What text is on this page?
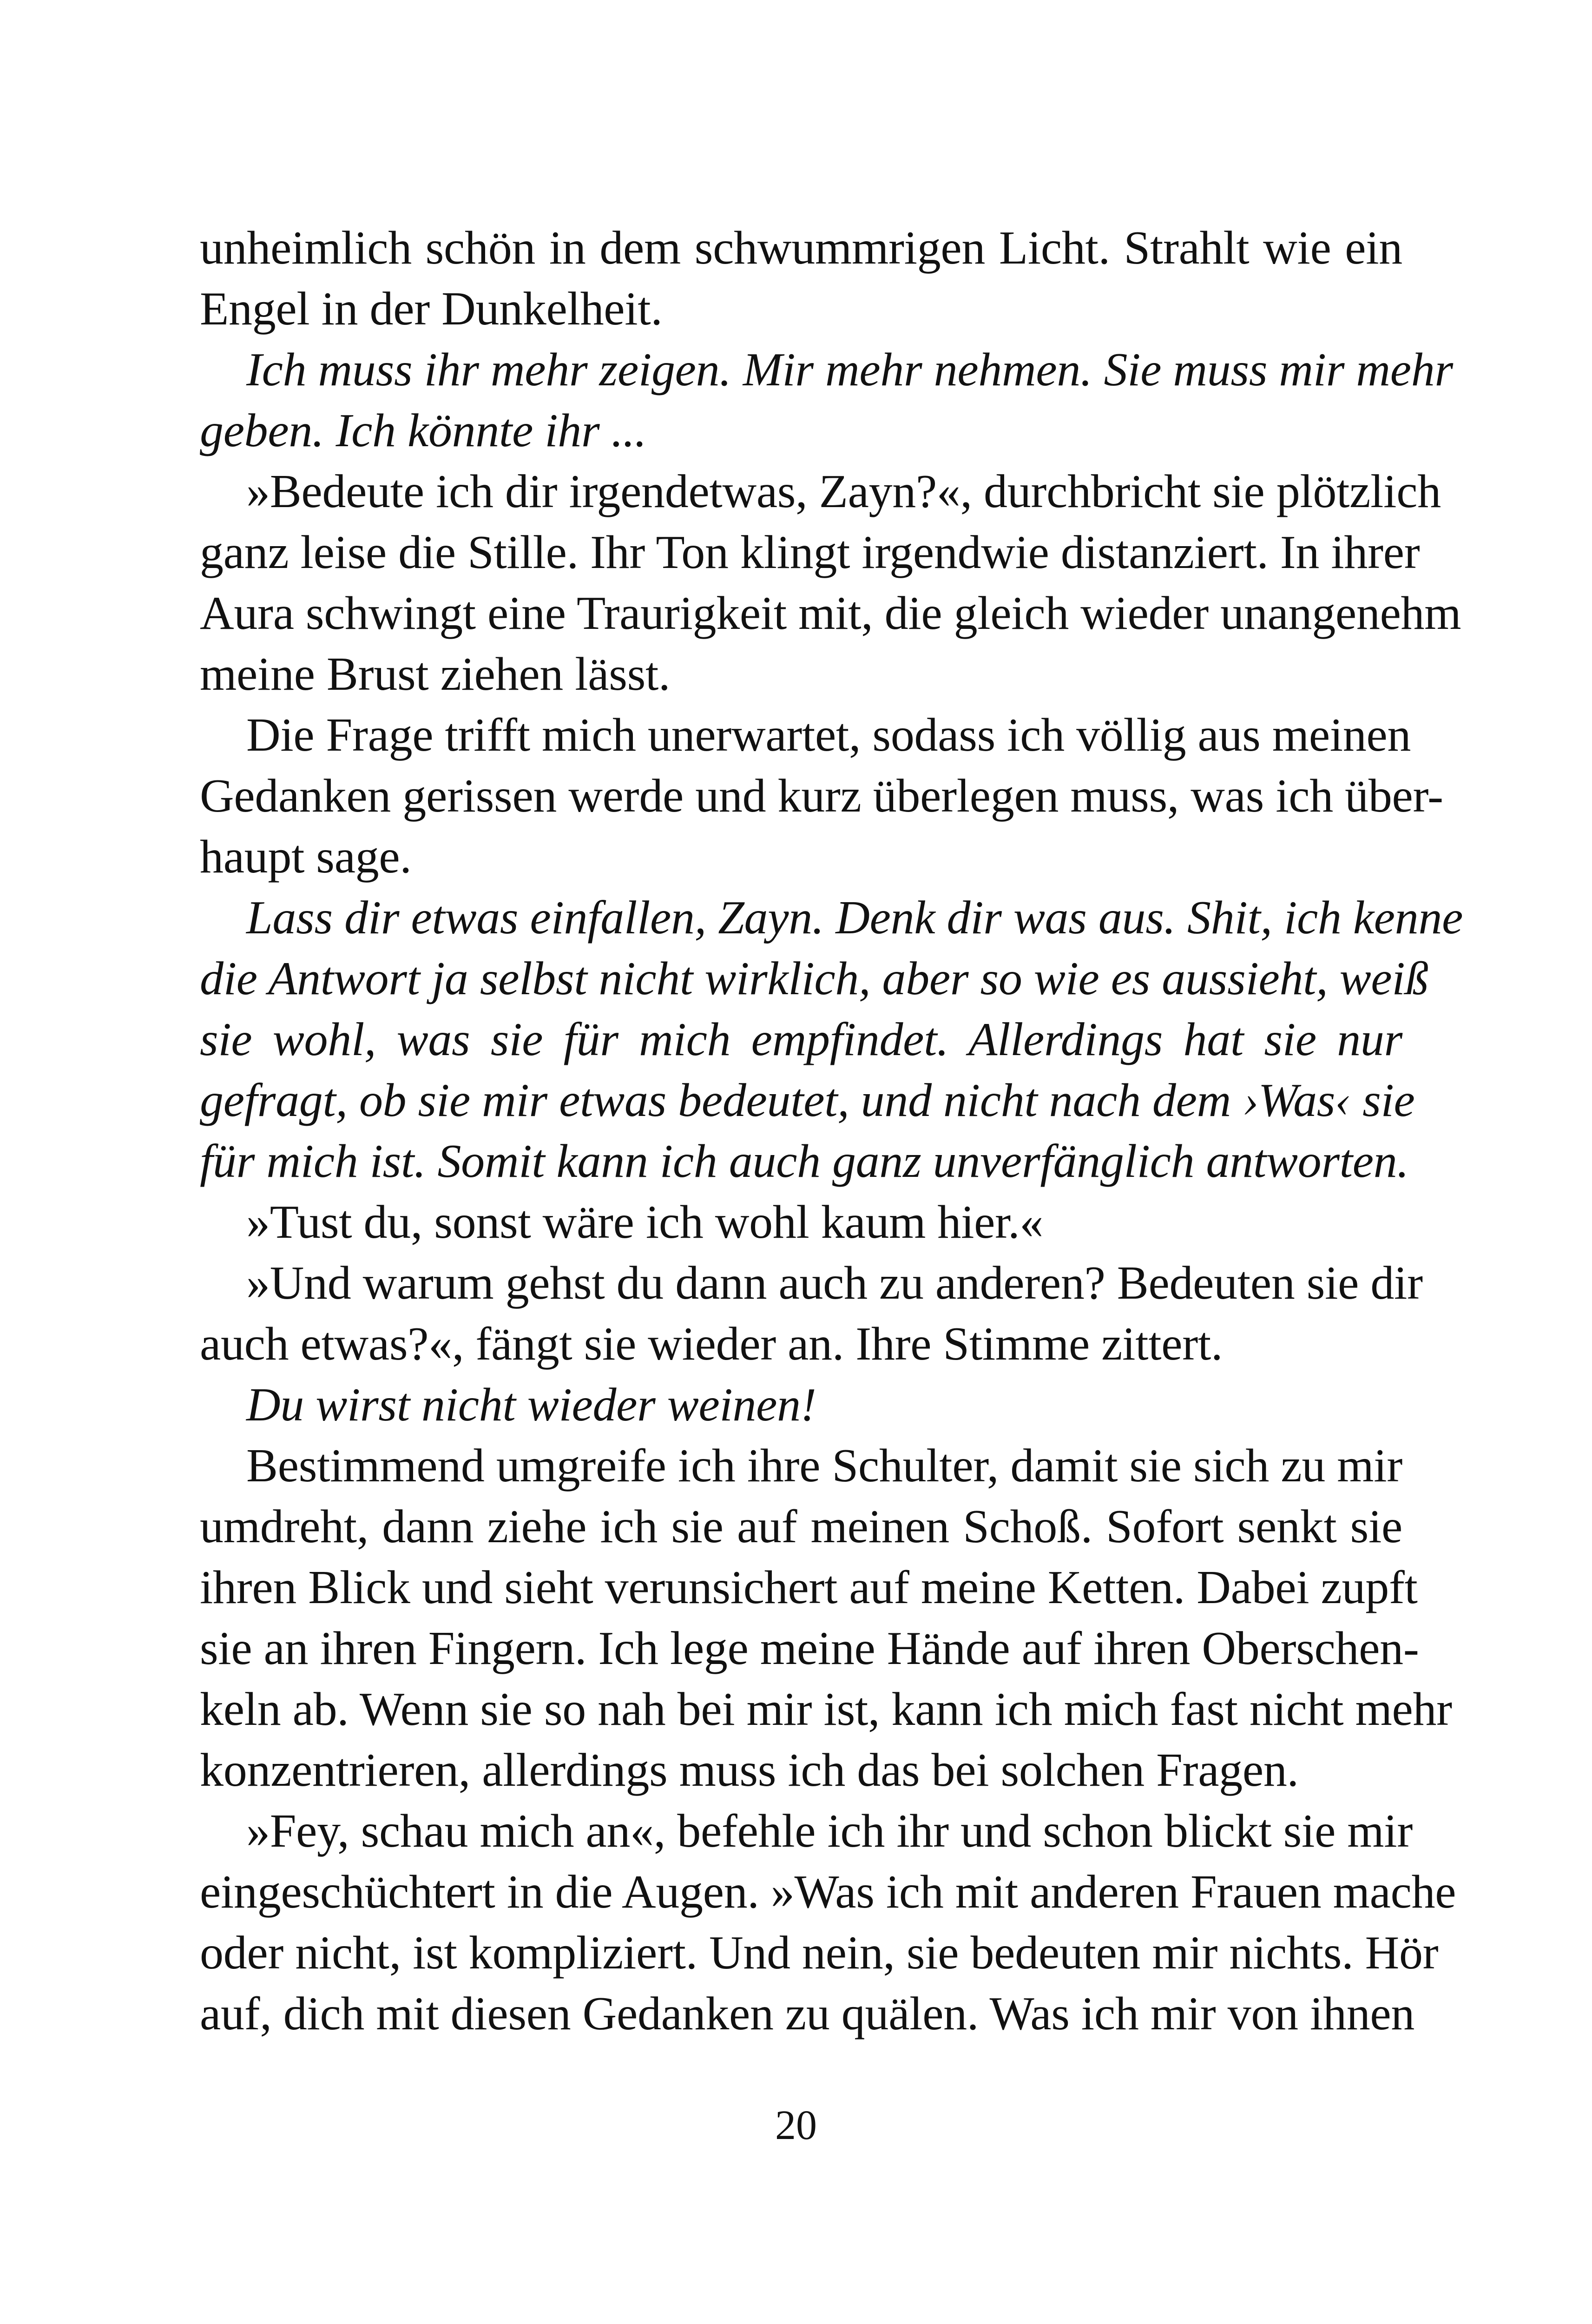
unheimlich schön in dem schwummrigen Licht. Strahlt wie ein
Engel in der Dunkelheit.
Ich muss ihr mehr zeigen. Mir mehr nehmen. Sie muss mir mehr
geben. Ich könnte ihr ...
»Bedeute ich dir irgendetwas, Zayn?«, durchbricht sie plötzlich
ganz leise die Stille. Ihr Ton klingt irgendwie distanziert. In ihrer
Aura schwingt eine Traurigkeit mit, die gleich wieder unangenehm
meine Brust ziehen lässt.
Die Frage trifft mich unerwartet, sodass ich völlig aus meinen
Gedanken gerissen werde und kurz überlegen muss, was ich über-
haupt sage.
Lass dir etwas einfallen, Zayn. Denk dir was aus. Shit, ich kenne
die Antwort ja selbst nicht wirklich, aber so wie es aussieht, weiß
sie wohl, was sie für mich empfindet. Allerdings hat sie nur
gefragt, ob sie mir etwas bedeutet, und nicht nach dem ›Was‹ sie
für mich ist. Somit kann ich auch ganz unverfänglich antworten.
»Tust du, sonst wäre ich wohl kaum hier.«
»Und warum gehst du dann auch zu anderen? Bedeuten sie dir
auch etwas?«, fängt sie wieder an. Ihre Stimme zittert.
Du wirst nicht wieder weinen!
Bestimmend umgreife ich ihre Schulter, damit sie sich zu mir
umdreht, dann ziehe ich sie auf meinen Schoß. Sofort senkt sie
ihren Blick und sieht verunsichert auf meine Ketten. Dabei zupft
sie an ihren Fingern. Ich lege meine Hände auf ihren Oberschen-
keln ab. Wenn sie so nah bei mir ist, kann ich mich fast nicht mehr
konzentrieren, allerdings muss ich das bei solchen Fragen.
»Fey, schau mich an«, befehle ich ihr und schon blickt sie mir
eingeschüchtert in die Augen. »Was ich mit anderen Frauen mache
oder nicht, ist kompliziert. Und nein, sie bedeuten mir nichts. Hör
auf, dich mit diesen Gedanken zu quälen. Was ich mir von ihnen
20
